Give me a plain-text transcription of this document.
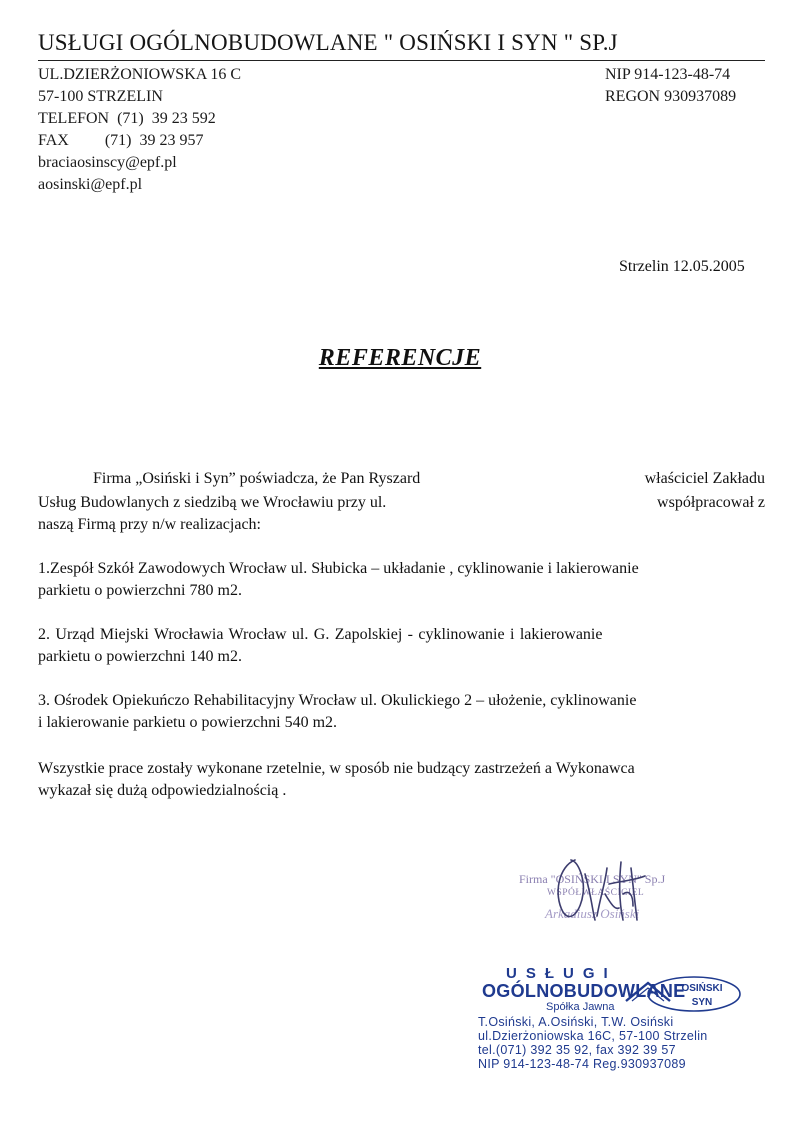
USŁUGI OGÓLNOBUDOWLANE " OSIŃSKI I SYN " SP.J
UL.DZIERŻONIOWSKA 16 C
57-100 STRZELIN
TELEFON  (71)  39 23 592
FAX         (71)  39 23 957
braciaosinscy@epf.pl
aosinski@epf.pl
NIP 914-123-48-74
REGON 930937089
Strzelin 12.05.2005
REFERENCJE
Firma „Osiński i Syn” poświadcza, że Pan Ryszard	właściciel Zakładu
Usług Budowlanych z siedzibą we Wrocławiu przy ul.	współpracował z
naszą Firmą przy n/w realizacjach:
1.Zespół Szkół Zawodowych Wrocław ul. Słubicka – układanie , cyklinowanie i lakierowanie
parkietu o powierzchni 780 m2.
2. Urząd Miejski Wrocławia Wrocław ul. G. Zapolskiej - cyklinowanie i lakierowanie
parkietu o powierzchni 140 m2.
3. Ośrodek Opiekuńczo Rehabilitacyjny Wrocław ul. Okulickiego 2 – ułożenie, cyklinowanie
i lakierowanie parkietu o powierzchni 540 m2.
Wszystkie prace zostały wykonane rzetelnie, w sposób nie budzący zastrzeżeń a Wykonawca
wykazał się dużą odpowiedzialnością .
Firma "OSIŃSKI I SYN" Sp.J
WSPÓŁWŁAŚCICIEL
Arkadiusz Osiński
USŁUGI
OGÓLNOBUDOWLANE
Spółka Jawna
OSIŃSKI
SYN
T.Osiński, A.Osiński, T.W. Osiński
ul.Dzierżoniowska 16C, 57-100 Strzelin
tel.(071) 392 35 92, fax 392 39 57
NIP 914-123-48-74 Reg.930937089
